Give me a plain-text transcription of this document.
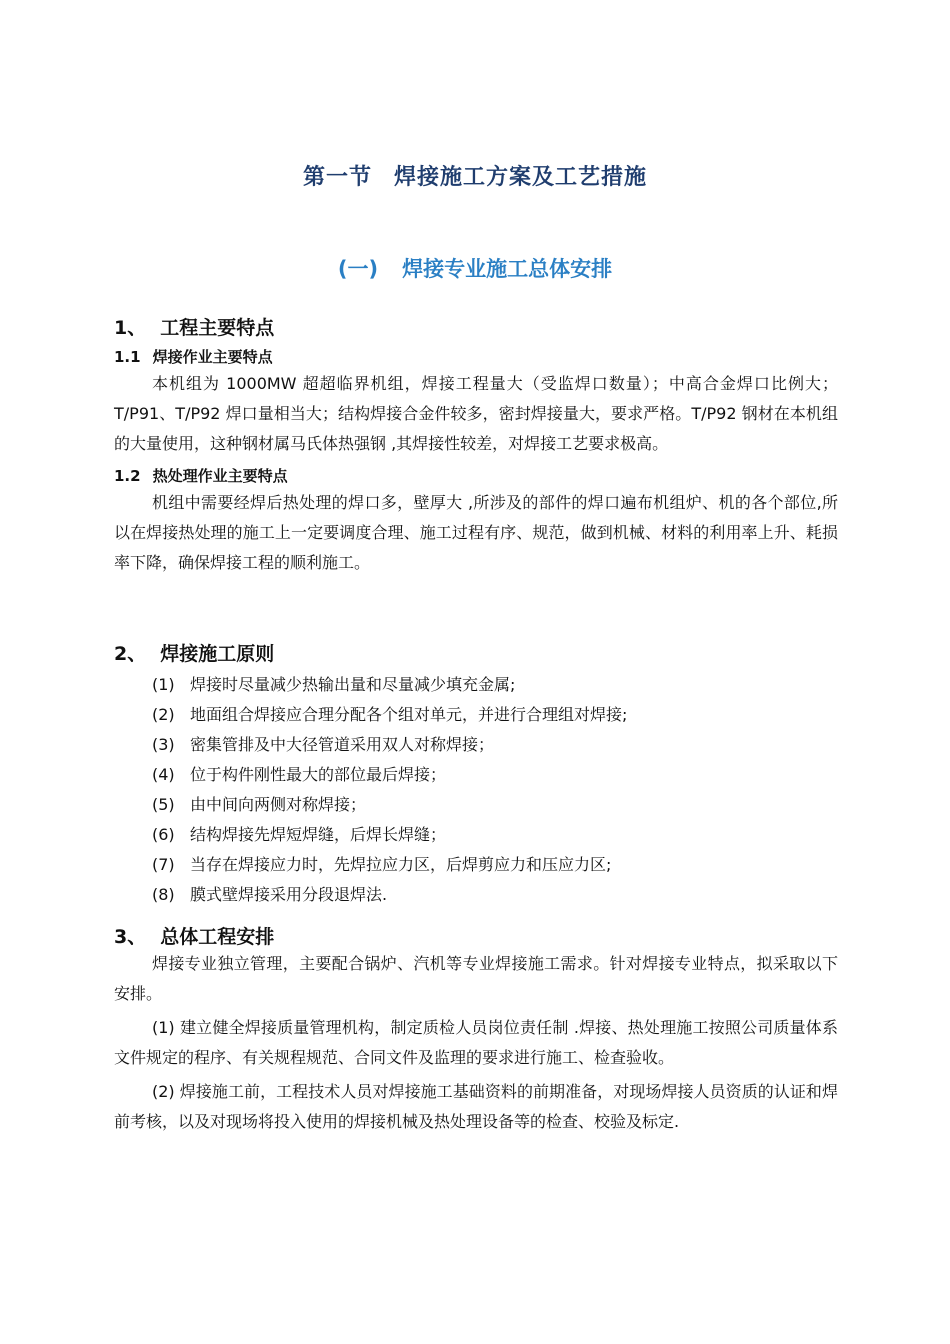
第一节 焊接施工方案及工艺措施
(一) 焊接专业施工总体安排
1、 工程主要特点
1.1 焊接作业主要特点

本机组为 1000MW 超超临界机组，焊接工程量大（受监焊口数量）；中高合金焊口比例大；T/P91、T/P92 焊口量相当大；结构焊接合金件较多，密封焊接量大，要求严格。T/P92 钢材在本机组的大量使用，这种钢材属马氏体热强钢 ,其焊接性较差，对焊接工艺要求极高。

1.2 热处理作业主要特点

机组中需要经焊后热处理的焊口多，壁厚大 ,所涉及的部件的焊口遍布机组炉、机的各个部位,所以在焊接热处理的施工上一定要调度合理、施工过程有序、规范，做到机械、材料的利用率上升、耗损率下降，确保焊接工程的顺利施工。

2、 焊接施工原则
(1) 焊接时尽量减少热输出量和尽量减少填充金属;
(2) 地面组合焊接应合理分配各个组对单元，并进行合理组对焊接;
(3) 密集管排及中大径管道采用双人对称焊接；
(4) 位于构件刚性最大的部位最后焊接；
(5) 由中间向两侧对称焊接；
(6) 结构焊接先焊短焊缝，后焊长焊缝；
(7) 当存在焊接应力时，先焊拉应力区，后焊剪应力和压应力区;
(8) 膜式壁焊接采用分段退焊法.
3、 总体工程安排

焊接专业独立管理，主要配合锅炉、汽机等专业焊接施工需求。针对焊接专业特点，拟采取以下安排。

(1) 建立健全焊接质量管理机构，制定质检人员岗位责任制 .焊接、热处理施工按照公司质量体系文件规定的程序、有关规程规范、合同文件及监理的要求进行施工、检查验收。

(2) 焊接施工前，工程技术人员对焊接施工基础资料的前期准备，对现场焊接人员资质的认证和焊前考核，以及对现场将投入使用的焊接机械及热处理设备等的检查、校验及标定.
